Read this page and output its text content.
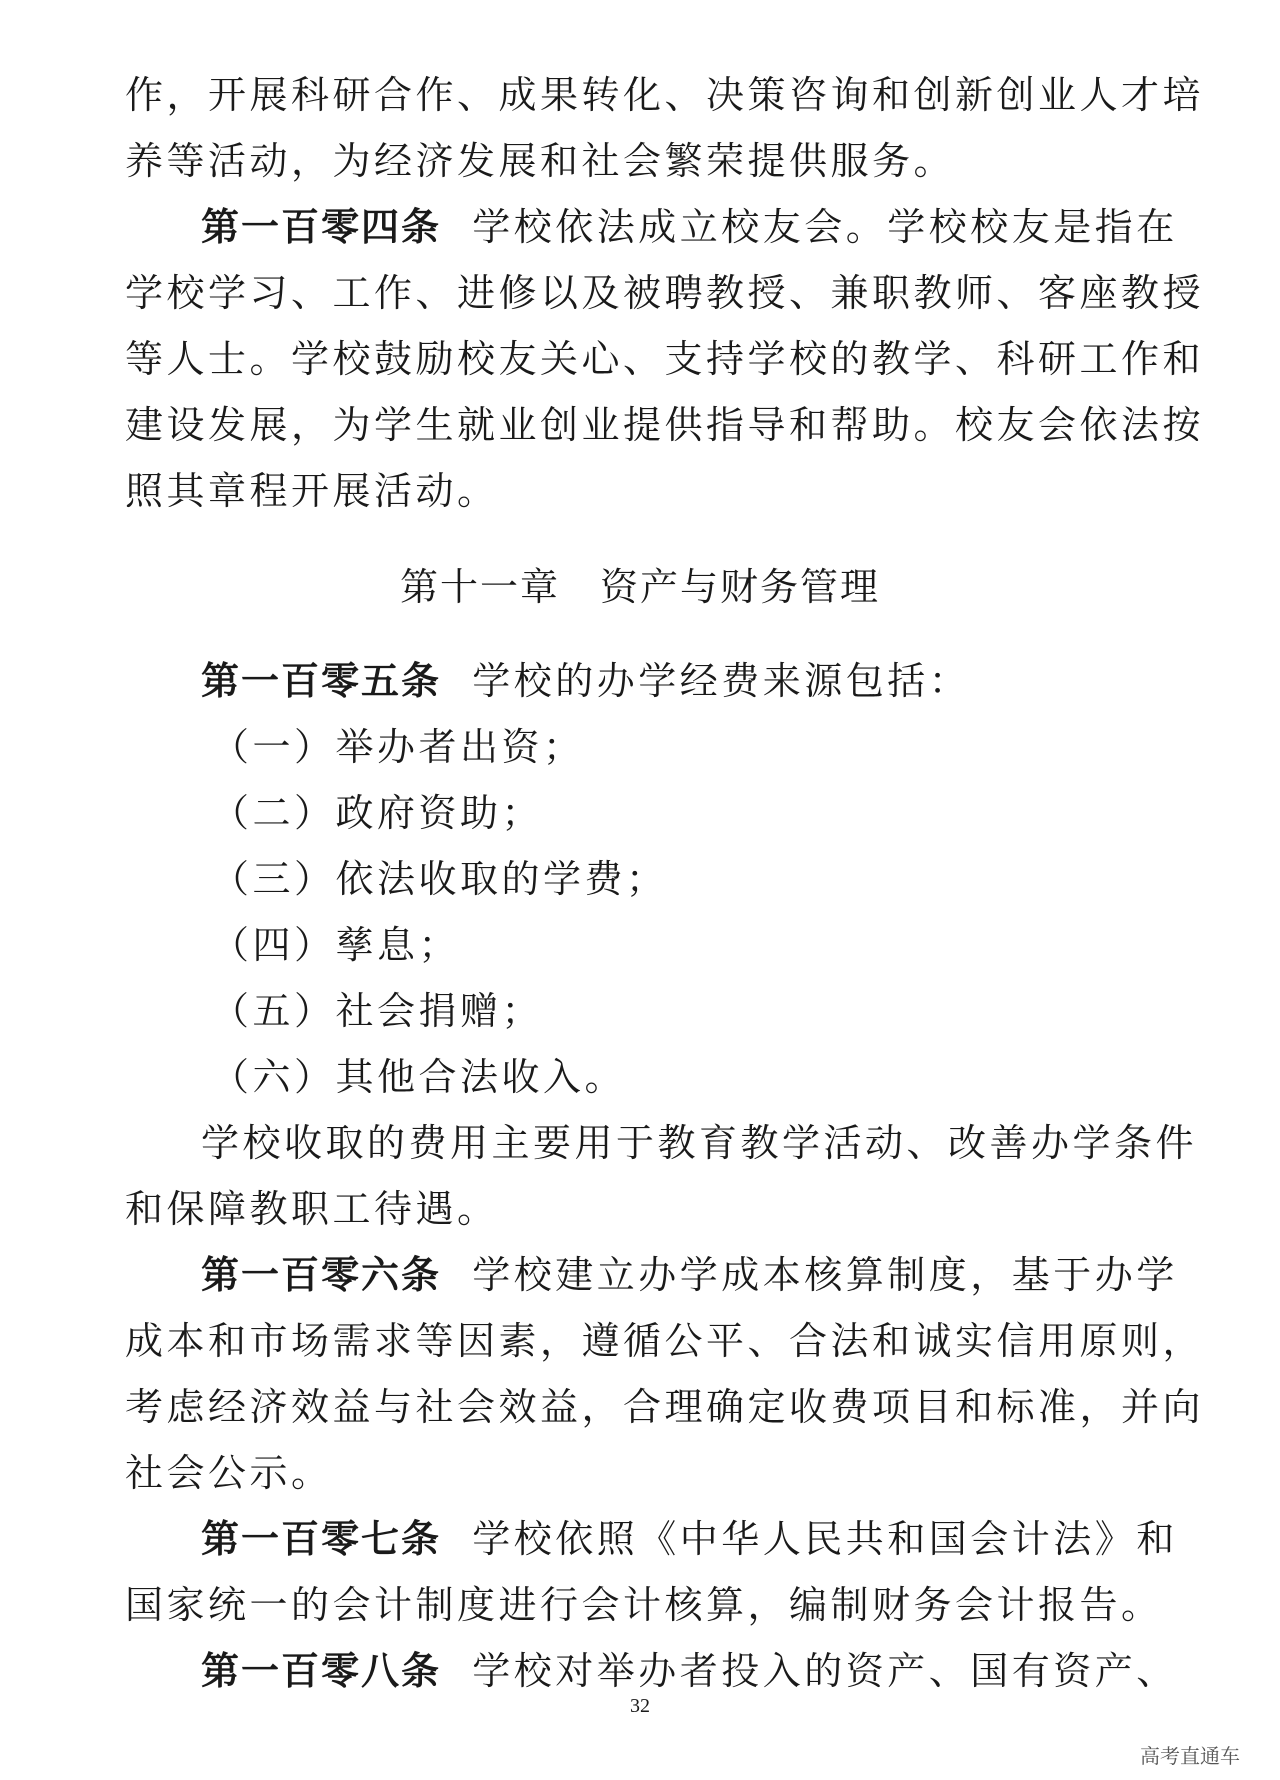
作，开展科研合作、成果转化、决策咨询和创新创业人才培
养等活动，为经济发展和社会繁荣提供服务。
第一百零四条 学校依法成立校友会。学校校友是指在
学校学习、工作、进修以及被聘教授、兼职教师、客座教授
等人士。学校鼓励校友关心、支持学校的教学、科研工作和
建设发展，为学生就业创业提供指导和帮助。校友会依法按
照其章程开展活动。
第十一章　资产与财务管理
第一百零五条 学校的办学经费来源包括：
（一）举办者出资；
（二）政府资助；
（三）依法收取的学费；
（四）孳息；
（五）社会捐赠；
（六）其他合法收入。
学校收取的费用主要用于教育教学活动、改善办学条件
和保障教职工待遇。
第一百零六条 学校建立办学成本核算制度，基于办学
成本和市场需求等因素，遵循公平、合法和诚实信用原则，
考虑经济效益与社会效益，合理确定收费项目和标准，并向
社会公示。
第一百零七条 学校依照《中华人民共和国会计法》和
国家统一的会计制度进行会计核算，编制财务会计报告。
第一百零八条 学校对举办者投入的资产、国有资产、
32
高考直通车
